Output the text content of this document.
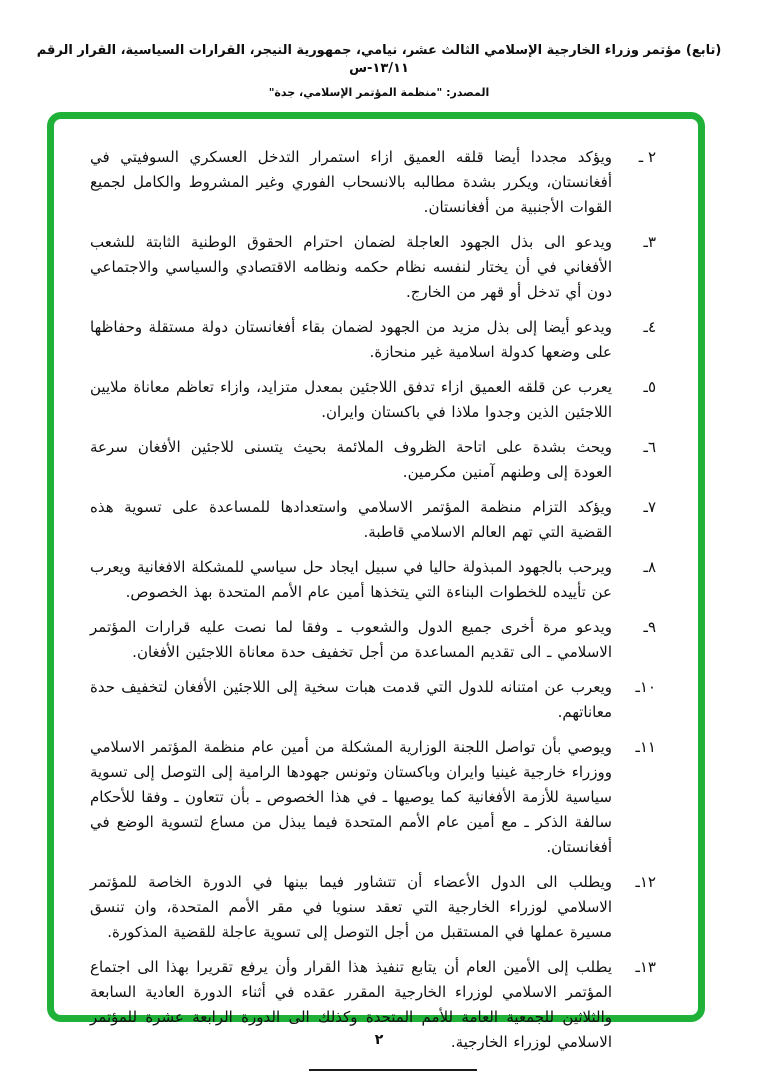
(تابع) مؤتمر وزراء الخارجية الإسلامي الثالث عشر، نيامي، جمهورية النيجر، القرارات السياسية، القرار الرقم ١٣/١١-س
المصدر: "منظمة المؤتمر الإسلامي، جدة"
٢ ـ
ويؤكد مجددا أيضا قلقه العميق ازاء استمرار التدخل العسكري السوفيتي في أفغانستان، ويكرر بشدة مطالبه بالانسحاب الفوري وغير المشروط والكامل لجميع القوات الأجنبية من أفغانستان.
٣ـ
ويدعو الى بذل الجهود العاجلة لضمان احترام الحقوق الوطنية الثابتة للشعب الأفغاني في أن يختار لنفسه نظام حكمه ونظامه الاقتصادي والسياسي والاجتماعي دون أي تدخل أو قهر من الخارج.
٤ـ
ويدعو أيضا إلى بذل مزيد من الجهود لضمان بقاء أفغانستان دولة مستقلة وحفاظها على وضعها كدولة اسلامية غير منحازة.
٥ـ
يعرب عن قلقه العميق ازاء تدفق اللاجئين بمعدل متزايد، وازاء تعاظم معاناة ملايين اللاجئين الذين وجدوا ملاذا في باكستان وايران.
٦ـ
ويحث بشدة على اتاحة الظروف الملائمة بحيث يتسنى للاجئين الأفغان سرعة العودة إلى وطنهم آمنين مكرمين.
٧ـ
ويؤكد التزام منظمة المؤتمر الاسلامي واستعدادها للمساعدة على تسوية هذه القضية التي تهم العالم الاسلامي قاطبة.
٨ـ
ويرحب بالجهود المبذولة حاليا في سبيل ايجاد حل سياسي للمشكلة الافغانية ويعرب عن تأييده للخطوات البناءة التي يتخذها أمين عام الأمم المتحدة بهذ الخصوص.
٩ـ
ويدعو مرة أخرى جميع الدول والشعوب ـ وفقا لما نصت عليه قرارات المؤتمر الاسلامي ـ الى تقديم المساعدة من أجل تخفيف حدة معاناة اللاجئين الأفغان.
١٠ـ
ويعرب عن امتنانه للدول التي قدمت هبات سخية إلى اللاجئين الأفغان لتخفيف حدة معاناتهم.
١١ـ
ويوصي بأن تواصل اللجنة الوزارية المشكلة من أمين عام منظمة المؤتمر الاسلامي ووزراء خارجية غينيا وايران وباكستان وتونس جهودها الرامية إلى التوصل إلى تسوية سياسية للأزمة الأفغانية كما يوصيها ـ في هذا الخصوص ـ بأن تتعاون ـ وفقا للأحكام سالفة الذكر ـ مع أمين عام الأمم المتحدة فيما يبذل من مساع لتسوية الوضع في أفغانستان.
١٢ـ
ويطلب الى الدول الأعضاء أن تتشاور فيما بينها في الدورة الخاصة للمؤتمر الاسلامي لوزراء الخارجية التي تعقد سنويا في مقر الأمم المتحدة، وان تنسق مسيرة عملها في المستقبل من أجل التوصل إلى تسوية عاجلة للقضية المذكورة.
١٣ـ
يطلب إلى الأمين العام أن يتابع تنفيذ هذا القرار وأن يرفع تقريرا بهذا الى اجتماع المؤتمر الاسلامي لوزراء الخارجية المقرر عقده في أثناء الدورة العادية السابعة والثلاثين للجمعية العامة للأمم المتحدة وكذلك الى الدورة الرابعة عشرة للمؤتمر الاسلامي لوزراء الخارجية.
٢
